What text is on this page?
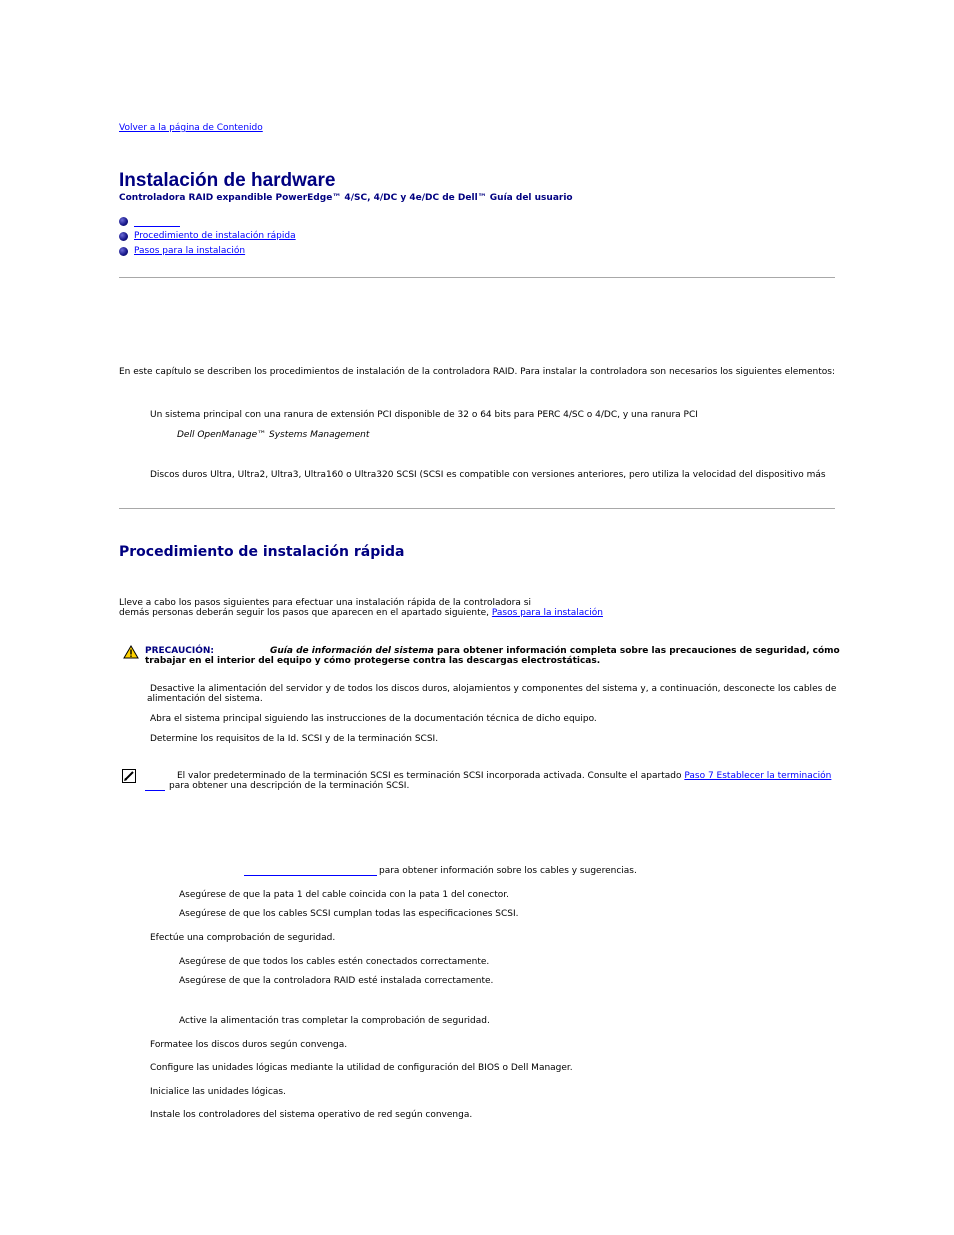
Volver a la página de Contenido
Instalación de hardware
Controladora RAID expandible PowerEdge™ 4/SC, 4/DC y 4e/DC de Dell™ Guía del usuario
Procedimiento de instalación rápida
Pasos para la instalación
En este capítulo se describen los procedimientos de instalación de la controladora RAID. Para instalar la controladora son necesarios los siguientes elementos:
Un sistema principal con una ranura de extensión PCI disponible de 32 o 64 bits para PERC 4/SC o 4/DC, y una ranura PCI
Dell OpenManage™ Systems Management
Discos duros Ultra, Ultra2, Ultra3, Ultra160 o Ultra320 SCSI (SCSI es compatible con versiones anteriores, pero utiliza la velocidad del dispositivo más
Procedimiento de instalación rápida
Lleve a cabo los pasos siguientes para efectuar una instalación rápida de la controladora si
demás personas deberán seguir los pasos que aparecen en el apartado siguiente, Pasos para la instalación
PRECAUCIÓN:	Guía de información del sistema para obtener información completa sobre las precauciones de seguridad, cómo
trabajar en el interior del equipo y cómo protegerse contra las descargas electrostáticas.
Desactive la alimentación del servidor y de todos los discos duros, alojamientos y componentes del sistema y, a continuación, desconecte los cables de
alimentación del sistema.
Abra el sistema principal siguiendo las instrucciones de la documentación técnica de dicho equipo.
Determine los requisitos de la Id. SCSI y de la terminación SCSI.
El valor predeterminado de la terminación SCSI es terminación SCSI incorporada activada. Consulte el apartado Paso 7 Establecer la terminación
para obtener una descripción de la terminación SCSI.
para obtener información sobre los cables y sugerencias.
Asegúrese de que la pata 1 del cable coincida con la pata 1 del conector.
Asegúrese de que los cables SCSI cumplan todas las especificaciones SCSI.
Efectúe una comprobación de seguridad.
Asegúrese de que todos los cables estén conectados correctamente.
Asegúrese de que la controladora RAID esté instalada correctamente.
Active la alimentación tras completar la comprobación de seguridad.
Formatee los discos duros según convenga.
Configure las unidades lógicas mediante la utilidad de configuración del BIOS o Dell Manager.
Inicialice las unidades lógicas.
Instale los controladores del sistema operativo de red según convenga.
